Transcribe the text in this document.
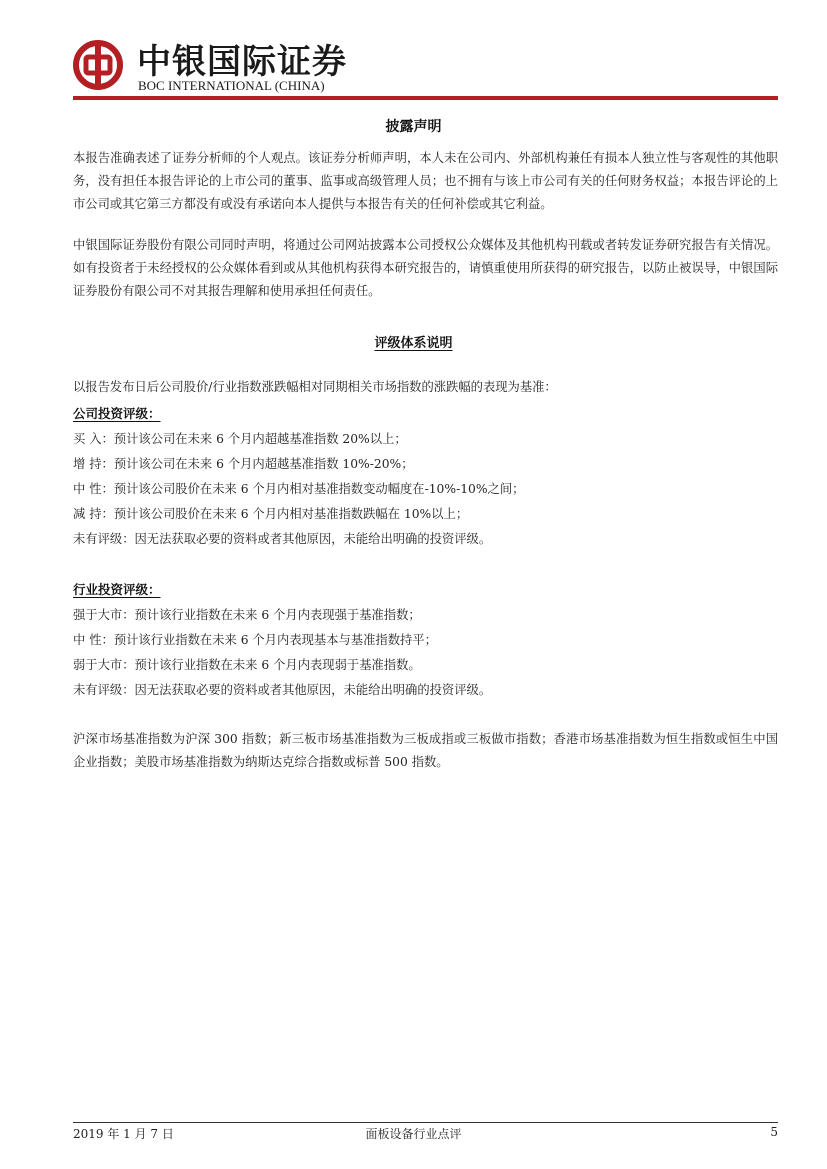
中银国际证券
BOC INTERNATIONAL (CHINA)
披露声明

本报告准确表述了证券分析师的个人观点。该证券分析师声明，本人未在公司内、外部机构兼任有损本人独立性与客观性的其他职务，没有担任本报告评论的上市公司的董事、监事或高级管理人员；也不拥有与该上市公司有关的任何财务权益；本报告评论的上市公司或其它第三方都没有或没有承诺向本人提供与本报告有关的任何补偿或其它利益。

中银国际证券股份有限公司同时声明，将通过公司网站披露本公司授权公众媒体及其他机构刊载或者转发证券研究报告有关情况。如有投资者于未经授权的公众媒体看到或从其他机构获得本研究报告的，请慎重使用所获得的研究报告，以防止被误导，中银国际证券股份有限公司不对其报告理解和使用承担任何责任。

评级体系说明

以报告发布日后公司股价/行业指数涨跌幅相对同期相关市场指数的涨跌幅的表现为基准：

公司投资评级：
买 入：预计该公司在未来 6 个月内超越基准指数 20%以上；
增 持：预计该公司在未来 6 个月内超越基准指数 10%-20%；
中 性：预计该公司股价在未来 6 个月内相对基准指数变动幅度在-10%-10%之间；
减 持：预计该公司股价在未来 6 个月内相对基准指数跌幅在 10%以上；
未有评级：因无法获取必要的资料或者其他原因，未能给出明确的投资评级。
行业投资评级：
强于大市：预计该行业指数在未来 6 个月内表现强于基准指数；
中 性：预计该行业指数在未来 6 个月内表现基本与基准指数持平；
弱于大市：预计该行业指数在未来 6 个月内表现弱于基准指数。
未有评级：因无法获取必要的资料或者其他原因，未能给出明确的投资评级。

沪深市场基准指数为沪深 300 指数；新三板市场基准指数为三板成指或三板做市指数；香港市场基准指数为恒生指数或恒生中国企业指数；美股市场基准指数为纳斯达克综合指数或标普 500 指数。

2019 年 1 月 7 日	面板设备行业点评	5
